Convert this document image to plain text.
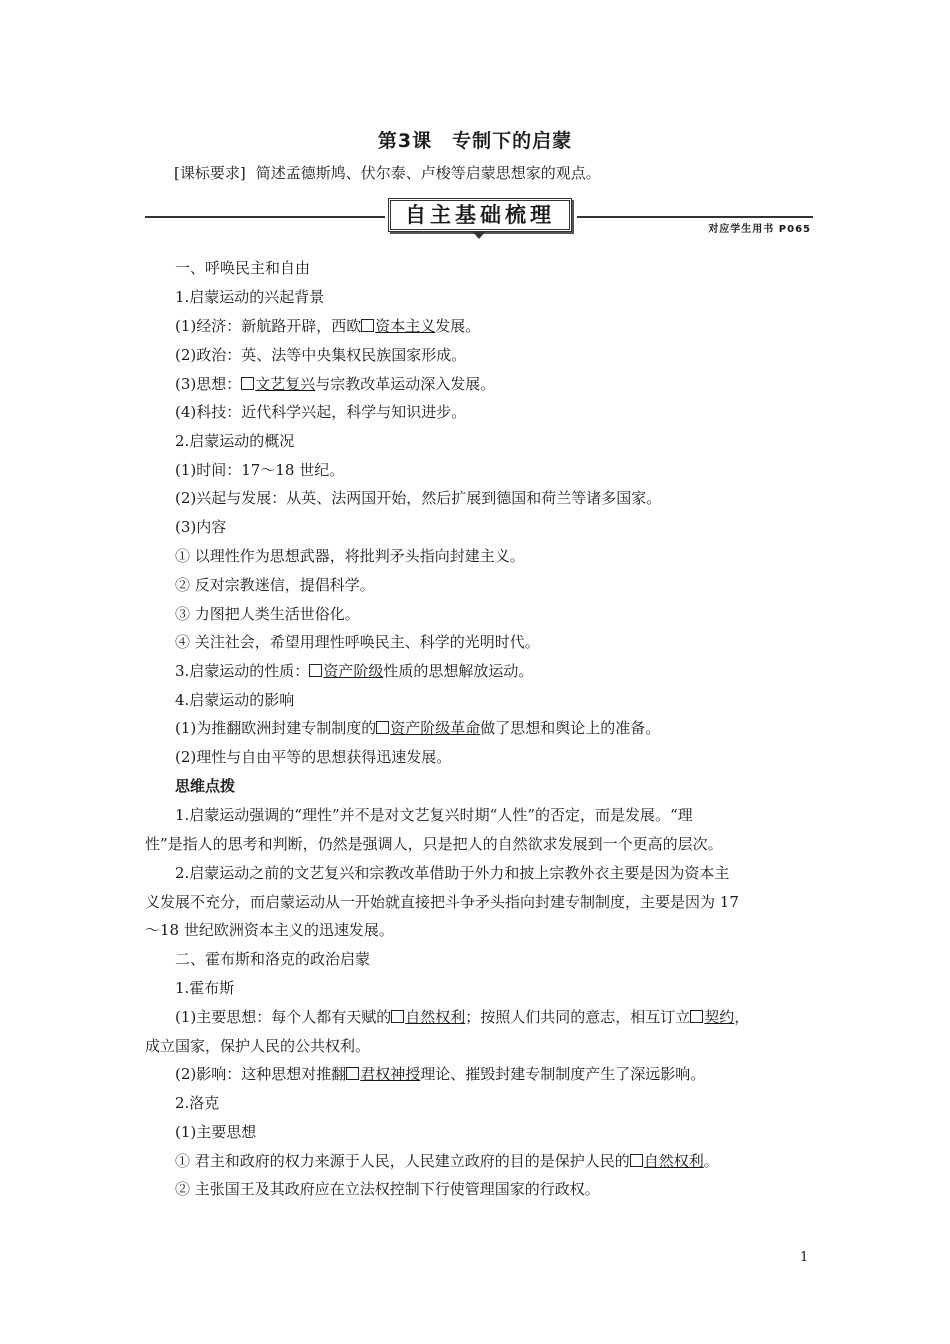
第3课　专制下的启蒙
[课标要求] 简述孟德斯鸠、伏尔泰、卢梭等启蒙思想家的观点。
自主基础梳理
对应学生用书 P065
一、呼唤民主和自由
1.启蒙运动的兴起背景
(1)经济：新航路开辟，西欧 资本主义发展。
(2)政治：英、法等中央集权民族国家形成。
(3)思想： 文艺复兴与宗教改革运动深入发展。
(4)科技：近代科学兴起，科学与知识进步。
2.启蒙运动的概况
(1)时间：17～18 世纪。
(2)兴起与发展：从英、法两国开始，然后扩展到德国和荷兰等诸多国家。
(3)内容
① 以理性作为思想武器，将批判矛头指向封建主义。
② 反对宗教迷信，提倡科学。
③ 力图把人类生活世俗化。
④ 关注社会，希望用理性呼唤民主、科学的光明时代。
3.启蒙运动的性质： 资产阶级性质的思想解放运动。
4.启蒙运动的影响
(1)为推翻欧洲封建专制制度的 资产阶级革命做了思想和舆论上的准备。
(2)理性与自由平等的思想获得迅速发展。
思维点拨
1.启蒙运动强调的“理性”并不是对文艺复兴时期“人性”的否定，而是发展。“理
性”是指人的思考和判断，仍然是强调人，只是把人的自然欲求发展到一个更高的层次。
2.启蒙运动之前的文艺复兴和宗教改革借助于外力和披上宗教外衣主要是因为资本主
义发展不充分，而启蒙运动从一开始就直接把斗争矛头指向封建专制制度，主要是因为 17
～18 世纪欧洲资本主义的迅速发展。
二、霍布斯和洛克的政治启蒙
1.霍布斯
(1)主要思想：每个人都有天赋的 自然权利；按照人们共同的意志，相互订立 契约，
成立国家，保护人民的公共权利。
(2)影响：这种思想对推翻 君权神授理论、摧毁封建专制制度产生了深远影响。
2.洛克
(1)主要思想
① 君主和政府的权力来源于人民，人民建立政府的目的是保护人民的 自然权利。
② 主张国王及其政府应在立法权控制下行使管理国家的行政权。
1
